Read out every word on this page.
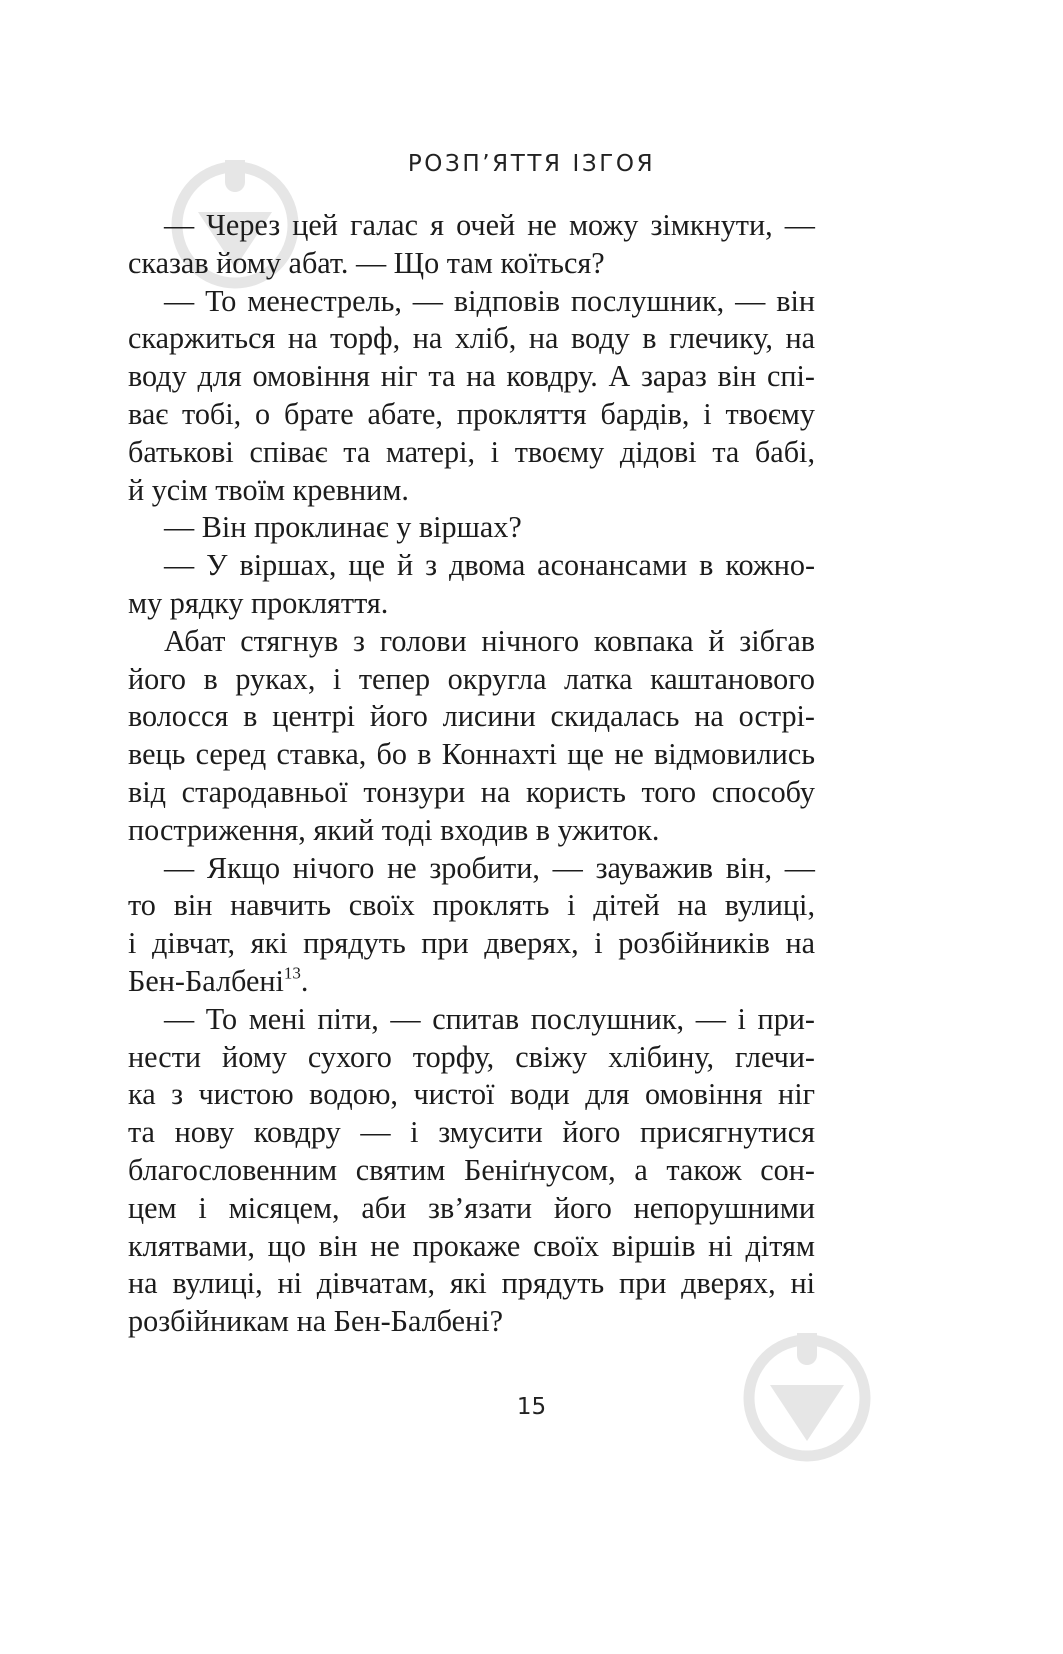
РОЗП’ЯТТЯ ІЗГОЯ
— Через цей галас я очей не можу зімкнути, —
сказав йому абат. — Що там коїться?
— То менестрель, — відповів послушник, — він
скаржиться на торф, на хліб, на воду в глечику, на
воду для омовіння ніг та на ковдру. А зараз він спі-
ває тобі, о брате абате, прокляття бардів, і твоєму
батькові співає та матері, і твоєму дідові та бабі,
й усім твоїм кревним.
— Він проклинає у віршах?
— У віршах, ще й з двома асонансами в кожно-
му рядку прокляття.
Абат стягнув з голови нічного ковпака й зібгав
його в руках, і тепер округла латка каштанового
волосся в центрі його лисини скидалась на острі-
вець серед ставка, бо в Коннахті ще не відмовились
від стародавньої тонзури на користь того способу
постриження, який тоді входив в ужиток.
— Якщо нічого не зробити, — зауважив він, —
то він навчить своїх проклять і дітей на вулиці,
і дівчат, які прядуть при дверях, і розбійників на
Бен-Балбені$^{13}$.
— То мені піти, — спитав послушник, — і при-
нести йому сухого торфу, свіжу хлібину, глечи-
ка з чистою водою, чистої води для омовіння ніг
та нову ковдру — і змусити його присягнутися
благословенним святим Беніґнусом, а також сон-
цем і місяцем, аби зв’язати його непорушними
клятвами, що він не прокаже своїх віршів ні дітям
на вулиці, ні дівчатам, які прядуть при дверях, ні
розбійникам на Бен-Балбені?
15
